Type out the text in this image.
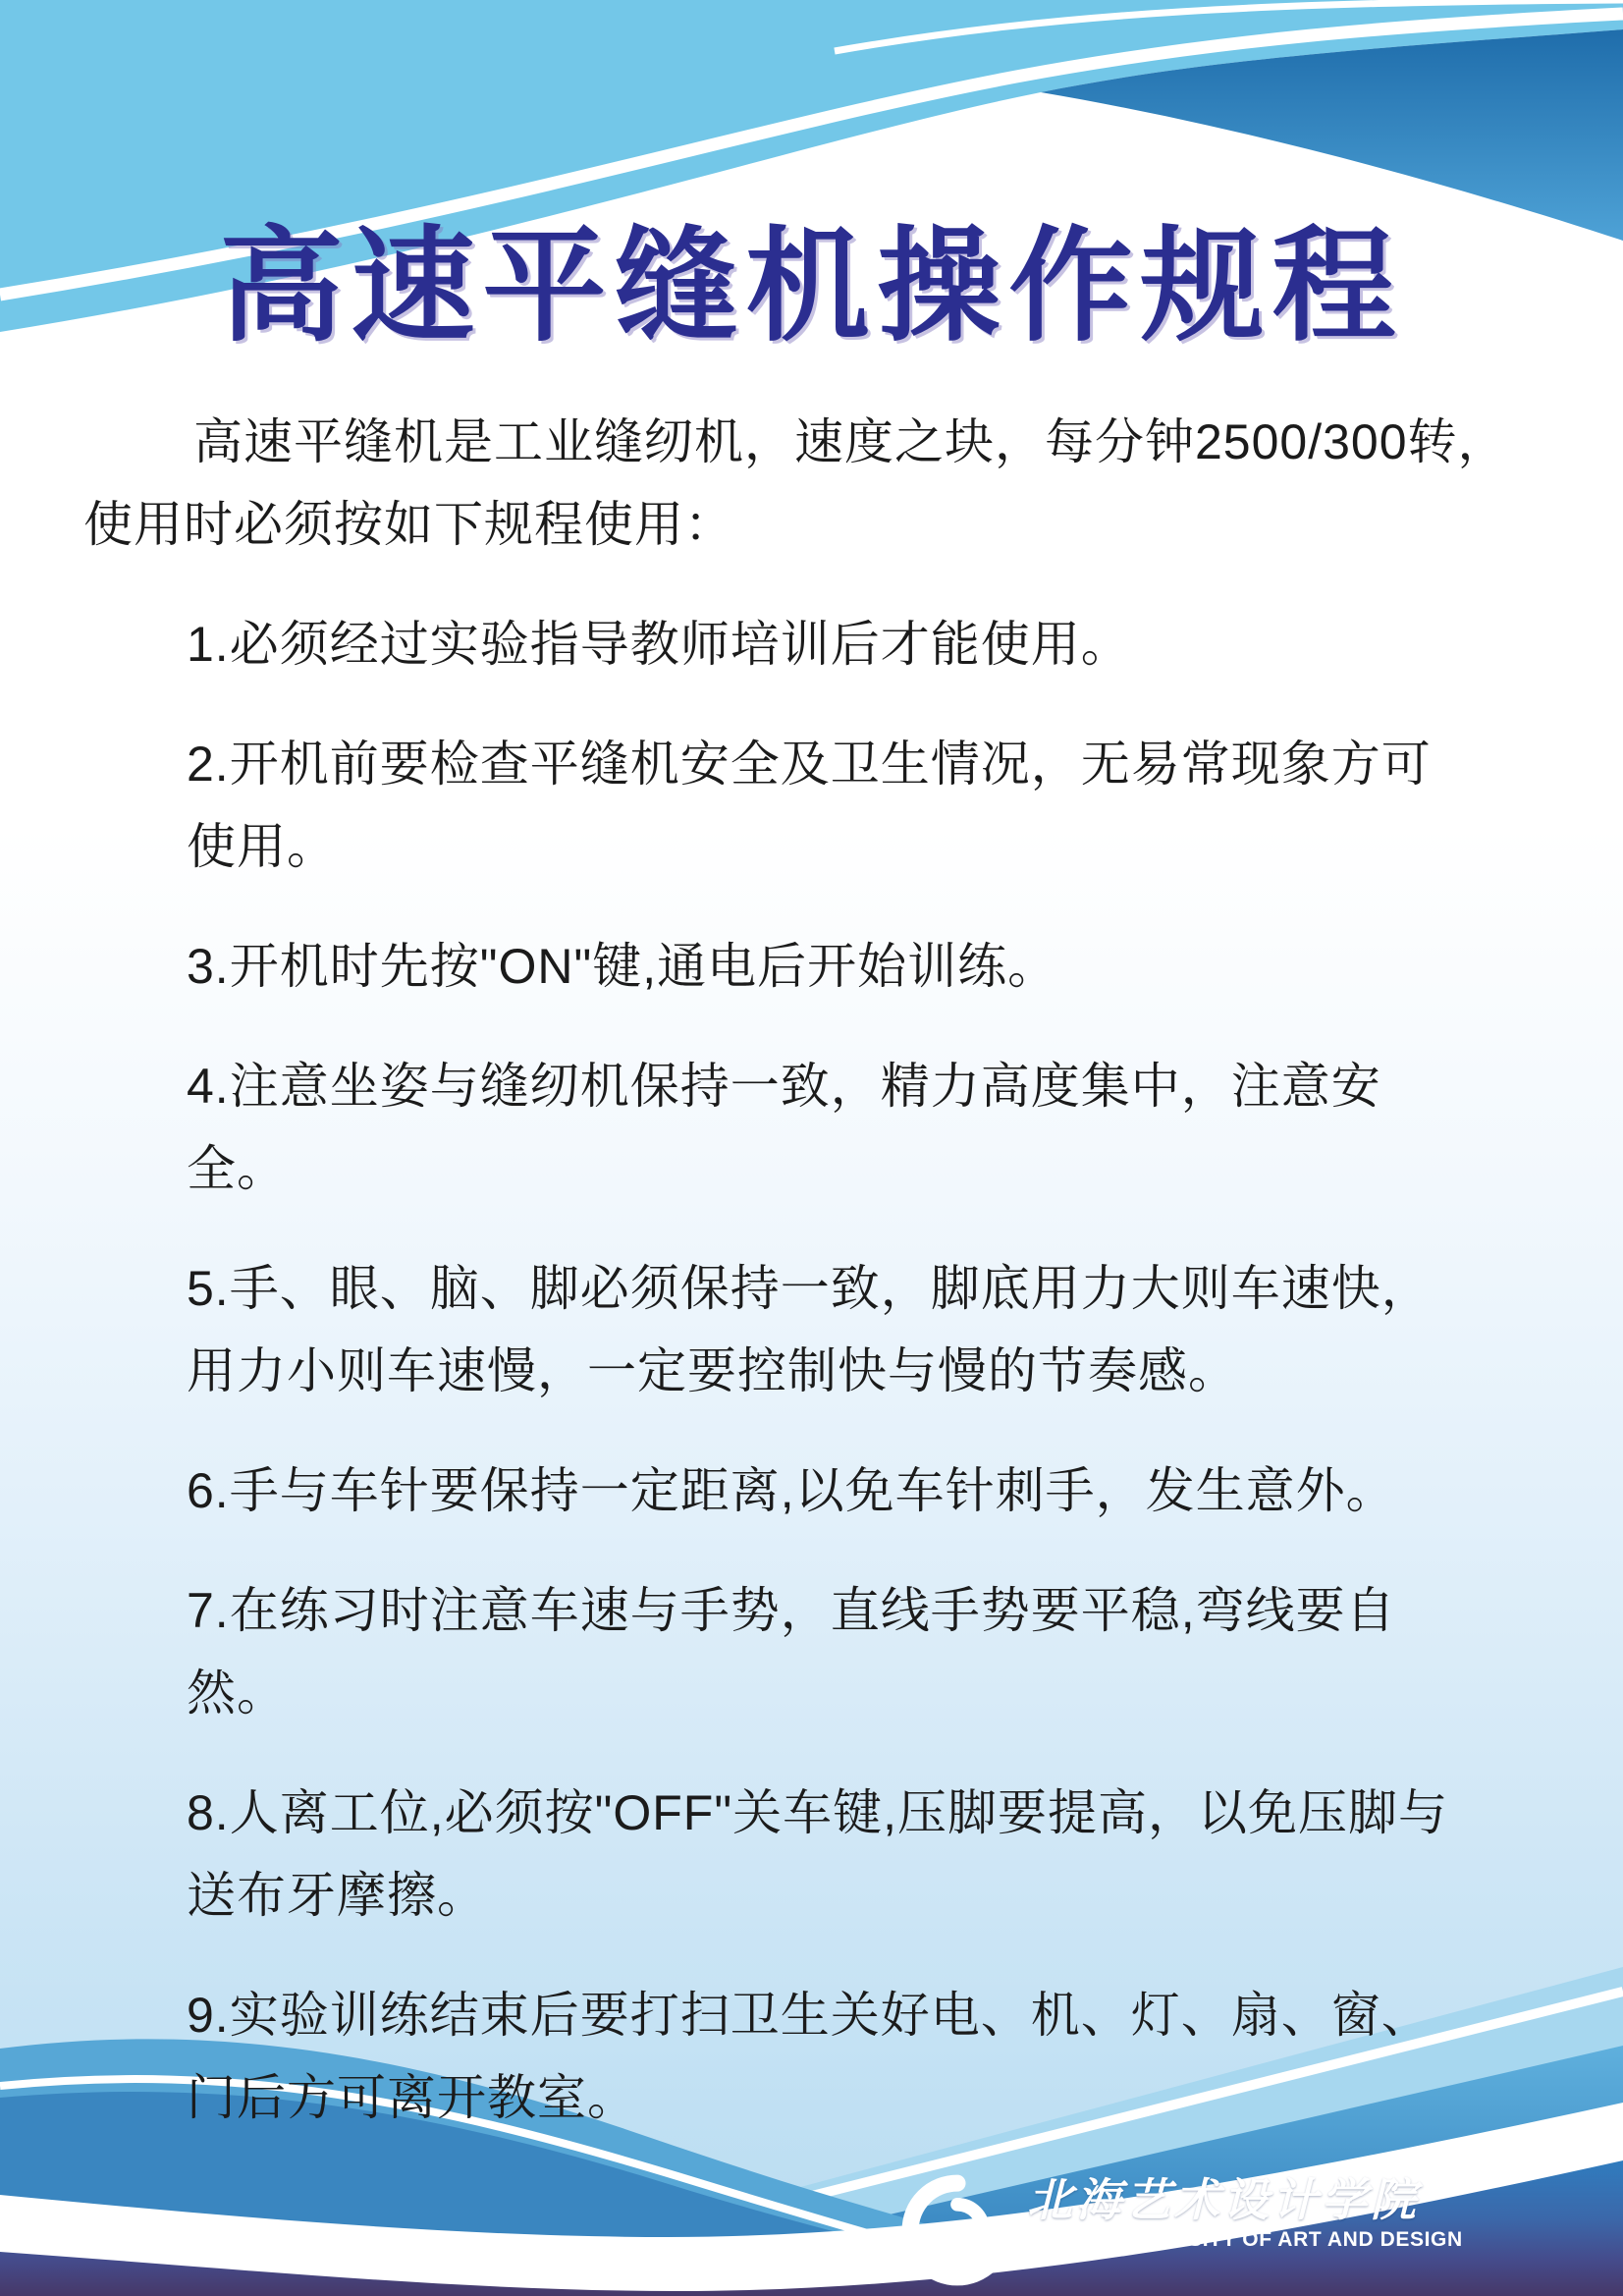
高速平缝机操作规程

高速平缝机是工业缝纫机，速度之块，每分钟2500/300转，使用时必须按如下规程使用：

1.必须经过实验指导教师培训后才能使用。

2.开机前要检查平缝机安全及卫生情况，无易常现象方可使用。

3.开机时先按"ON"键,通电后开始训练。

4.注意坐姿与缝纫机保持一致，精力高度集中，注意安全。

5.手、眼、脑、脚必须保持一致，脚底用力大则车速快，用力小则车速慢，一定要控制快与慢的节奏感。

6.手与车针要保持一定距离,以免车针刺手，发生意外。

7.在练习时注意车速与手势，直线手势要平稳,弯线要自然。

8.人离工位,必须按"OFF"关车键,压脚要提高，以免压脚与送布牙摩擦。

9.实验训练结束后要打扫卫生关好电、机、灯、扇、窗、门后方可离开教室。

北海艺术设计学院
BEIHAI UNIVERSITY OF ART AND DESIGN
